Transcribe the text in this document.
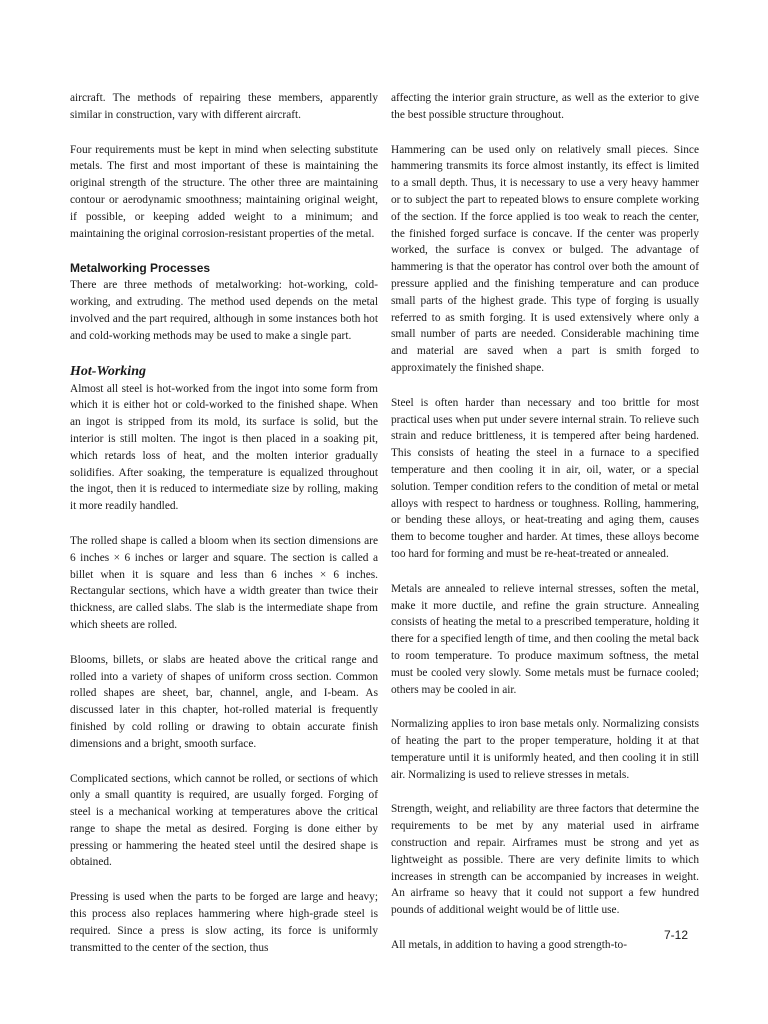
aircraft. The methods of repairing these members, apparently similar in construction, vary with different aircraft.

Four requirements must be kept in mind when selecting substitute metals. The first and most important of these is maintaining the original strength of the structure. The other three are maintaining contour or aerodynamic smoothness; maintaining original weight, if possible, or keeping added weight to a minimum; and maintaining the original corrosion-resistant properties of the metal.

Metalworking Processes

There are three methods of metalworking: hot-working, cold-working, and extruding. The method used depends on the metal involved and the part required, although in some instances both hot and cold-working methods may be used to make a single part.

Hot-Working

Almost all steel is hot-worked from the ingot into some form from which it is either hot or cold-worked to the finished shape. When an ingot is stripped from its mold, its surface is solid, but the interior is still molten. The ingot is then placed in a soaking pit, which retards loss of heat, and the molten interior gradually solidifies. After soaking, the temperature is equalized throughout the ingot, then it is reduced to intermediate size by rolling, making it more readily handled.

The rolled shape is called a bloom when its section dimensions are 6 inches × 6 inches or larger and square. The section is called a billet when it is square and less than 6 inches × 6 inches. Rectangular sections, which have a width greater than twice their thickness, are called slabs. The slab is the intermediate shape from which sheets are rolled.

Blooms, billets, or slabs are heated above the critical range and rolled into a variety of shapes of uniform cross section. Common rolled shapes are sheet, bar, channel, angle, and I-beam. As discussed later in this chapter, hot-rolled material is frequently finished by cold rolling or drawing to obtain accurate finish dimensions and a bright, smooth surface.

Complicated sections, which cannot be rolled, or sections of which only a small quantity is required, are usually forged. Forging of steel is a mechanical working at temperatures above the critical range to shape the metal as desired. Forging is done either by pressing or hammering the heated steel until the desired shape is obtained.

Pressing is used when the parts to be forged are large and heavy; this process also replaces hammering where high-grade steel is required. Since a press is slow acting, its force is uniformly transmitted to the center of the section, thus

affecting the interior grain structure, as well as the exterior to give the best possible structure throughout.

Hammering can be used only on relatively small pieces. Since hammering transmits its force almost instantly, its effect is limited to a small depth. Thus, it is necessary to use a very heavy hammer or to subject the part to repeated blows to ensure complete working of the section. If the force applied is too weak to reach the center, the finished forged surface is concave. If the center was properly worked, the surface is convex or bulged. The advantage of hammering is that the operator has control over both the amount of pressure applied and the finishing temperature and can produce small parts of the highest grade. This type of forging is usually referred to as smith forging. It is used extensively where only a small number of parts are needed. Considerable machining time and material are saved when a part is smith forged to approximately the finished shape.

Steel is often harder than necessary and too brittle for most practical uses when put under severe internal strain. To relieve such strain and reduce brittleness, it is tempered after being hardened. This consists of heating the steel in a furnace to a specified temperature and then cooling it in air, oil, water, or a special solution. Temper condition refers to the condition of metal or metal alloys with respect to hardness or toughness. Rolling, hammering, or bending these alloys, or heat-treating and aging them, causes them to become tougher and harder. At times, these alloys become too hard for forming and must be re-heat-treated or annealed.

Metals are annealed to relieve internal stresses, soften the metal, make it more ductile, and refine the grain structure. Annealing consists of heating the metal to a prescribed temperature, holding it there for a specified length of time, and then cooling the metal back to room temperature. To produce maximum softness, the metal must be cooled very slowly. Some metals must be furnace cooled; others may be cooled in air.

Normalizing applies to iron base metals only. Normalizing consists of heating the part to the proper temperature, holding it at that temperature until it is uniformly heated, and then cooling it in still air. Normalizing is used to relieve stresses in metals.

Strength, weight, and reliability are three factors that determine the requirements to be met by any material used in airframe construction and repair. Airframes must be strong and yet as lightweight as possible. There are very definite limits to which increases in strength can be accompanied by increases in weight. An airframe so heavy that it could not support a few hundred pounds of additional weight would be of little use.

All metals, in addition to having a good strength-to-

7-12
